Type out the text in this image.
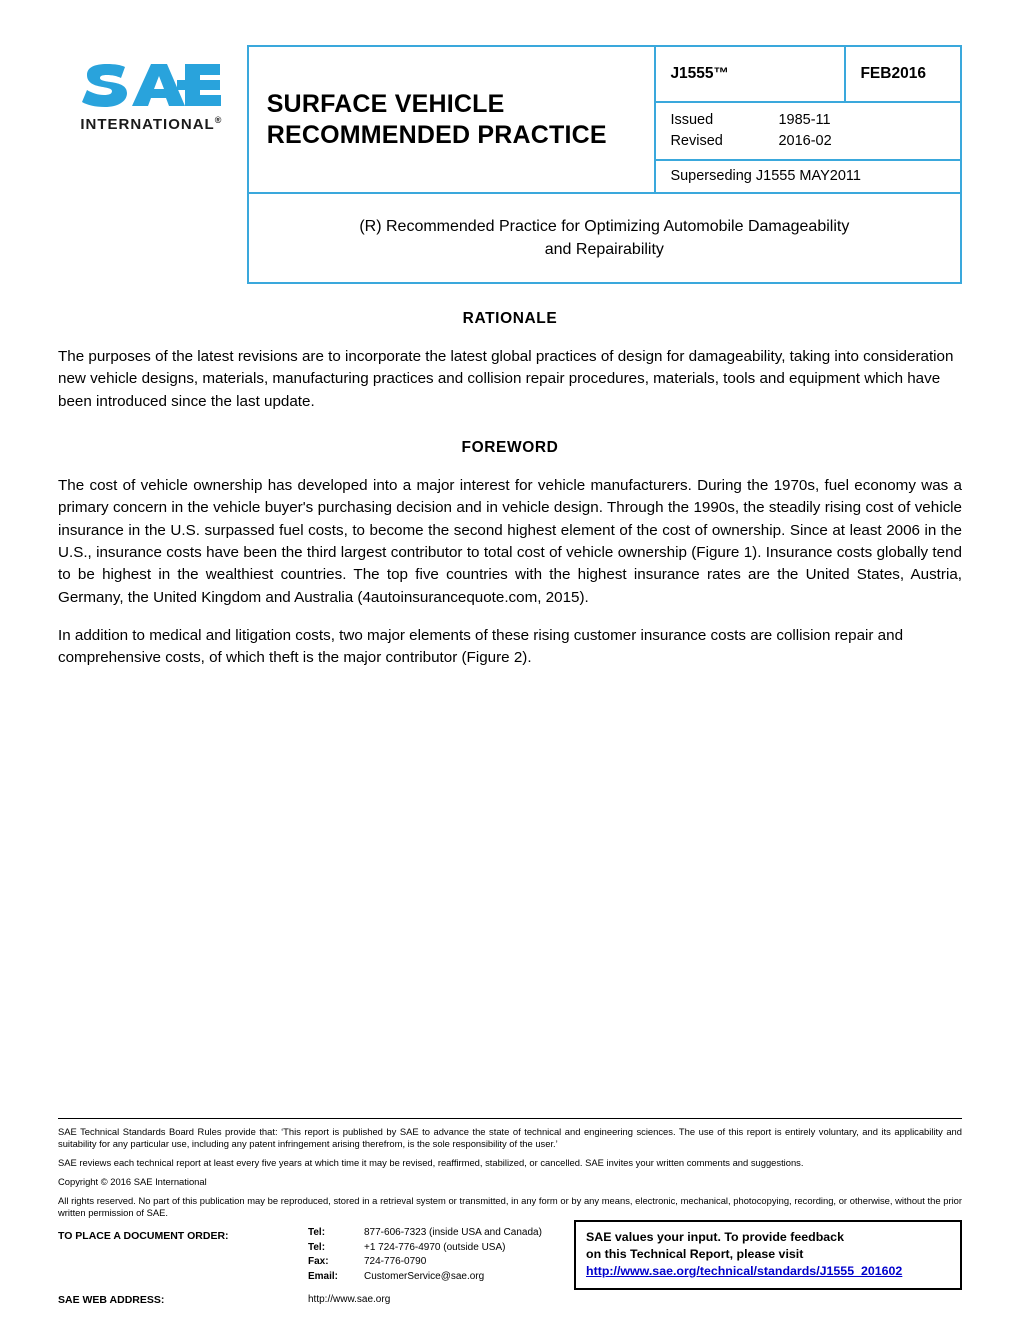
INTERNATIONAL®
SURFACE VEHICLE
RECOMMENDED PRACTICE
	J1555™	FEB2016

Issued	1985-11
Revised	2016-02

Superseding J1555 MAY2011

(R) Recommended Practice for Optimizing Automobile Damageability
and Repairability
RATIONALE

The purposes of the latest revisions are to incorporate the latest global practices of design for damageability, taking into consideration new vehicle designs, materials, manufacturing practices and collision repair procedures, materials, tools and equipment which have been introduced since the last update.

FOREWORD

The cost of vehicle ownership has developed into a major interest for vehicle manufacturers. During the 1970s, fuel economy was a primary concern in the vehicle buyer's purchasing decision and in vehicle design. Through the 1990s, the steadily rising cost of vehicle insurance in the U.S. surpassed fuel costs, to become the second highest element of the cost of ownership. Since at least 2006 in the U.S., insurance costs have been the third largest contributor to total cost of vehicle ownership (Figure 1). Insurance costs globally tend to be highest in the wealthiest countries. The top five countries with the highest insurance rates are the United States, Austria, Germany, the United Kingdom and Australia (4autoinsurancequote.com, 2015).

In addition to medical and litigation costs, two major elements of these rising customer insurance costs are collision repair and comprehensive costs, of which theft is the major contributor (Figure 2).

SAE Technical Standards Board Rules provide that: ‘This report is published by SAE to advance the state of technical and engineering sciences. The use of this report is entirely voluntary, and its applicability and suitability for any particular use, including any patent infringement arising therefrom, is the sole responsibility of the user.’

SAE reviews each technical report at least every five years at which time it may be revised, reaffirmed, stabilized, or cancelled. SAE invites your written comments and suggestions.

Copyright © 2016 SAE International

All rights reserved. No part of this publication may be reproduced, stored in a retrieval system or transmitted, in any form or by any means, electronic, mechanical, photocopying, recording, or otherwise, without the prior written permission of SAE.

TO PLACE A DOCUMENT ORDER:	Tel:	877-606-7323 (inside USA and Canada)
Tel:	+1 724-776-4970 (outside USA)
Fax:	724-776-0790
Email:	CustomerService@sae.org
SAE WEB ADDRESS:	http://www.sae.org
SAE values your input. To provide feedback
on this Technical Report, please visit
http://www.sae.org/technical/standards/J1555_201602
